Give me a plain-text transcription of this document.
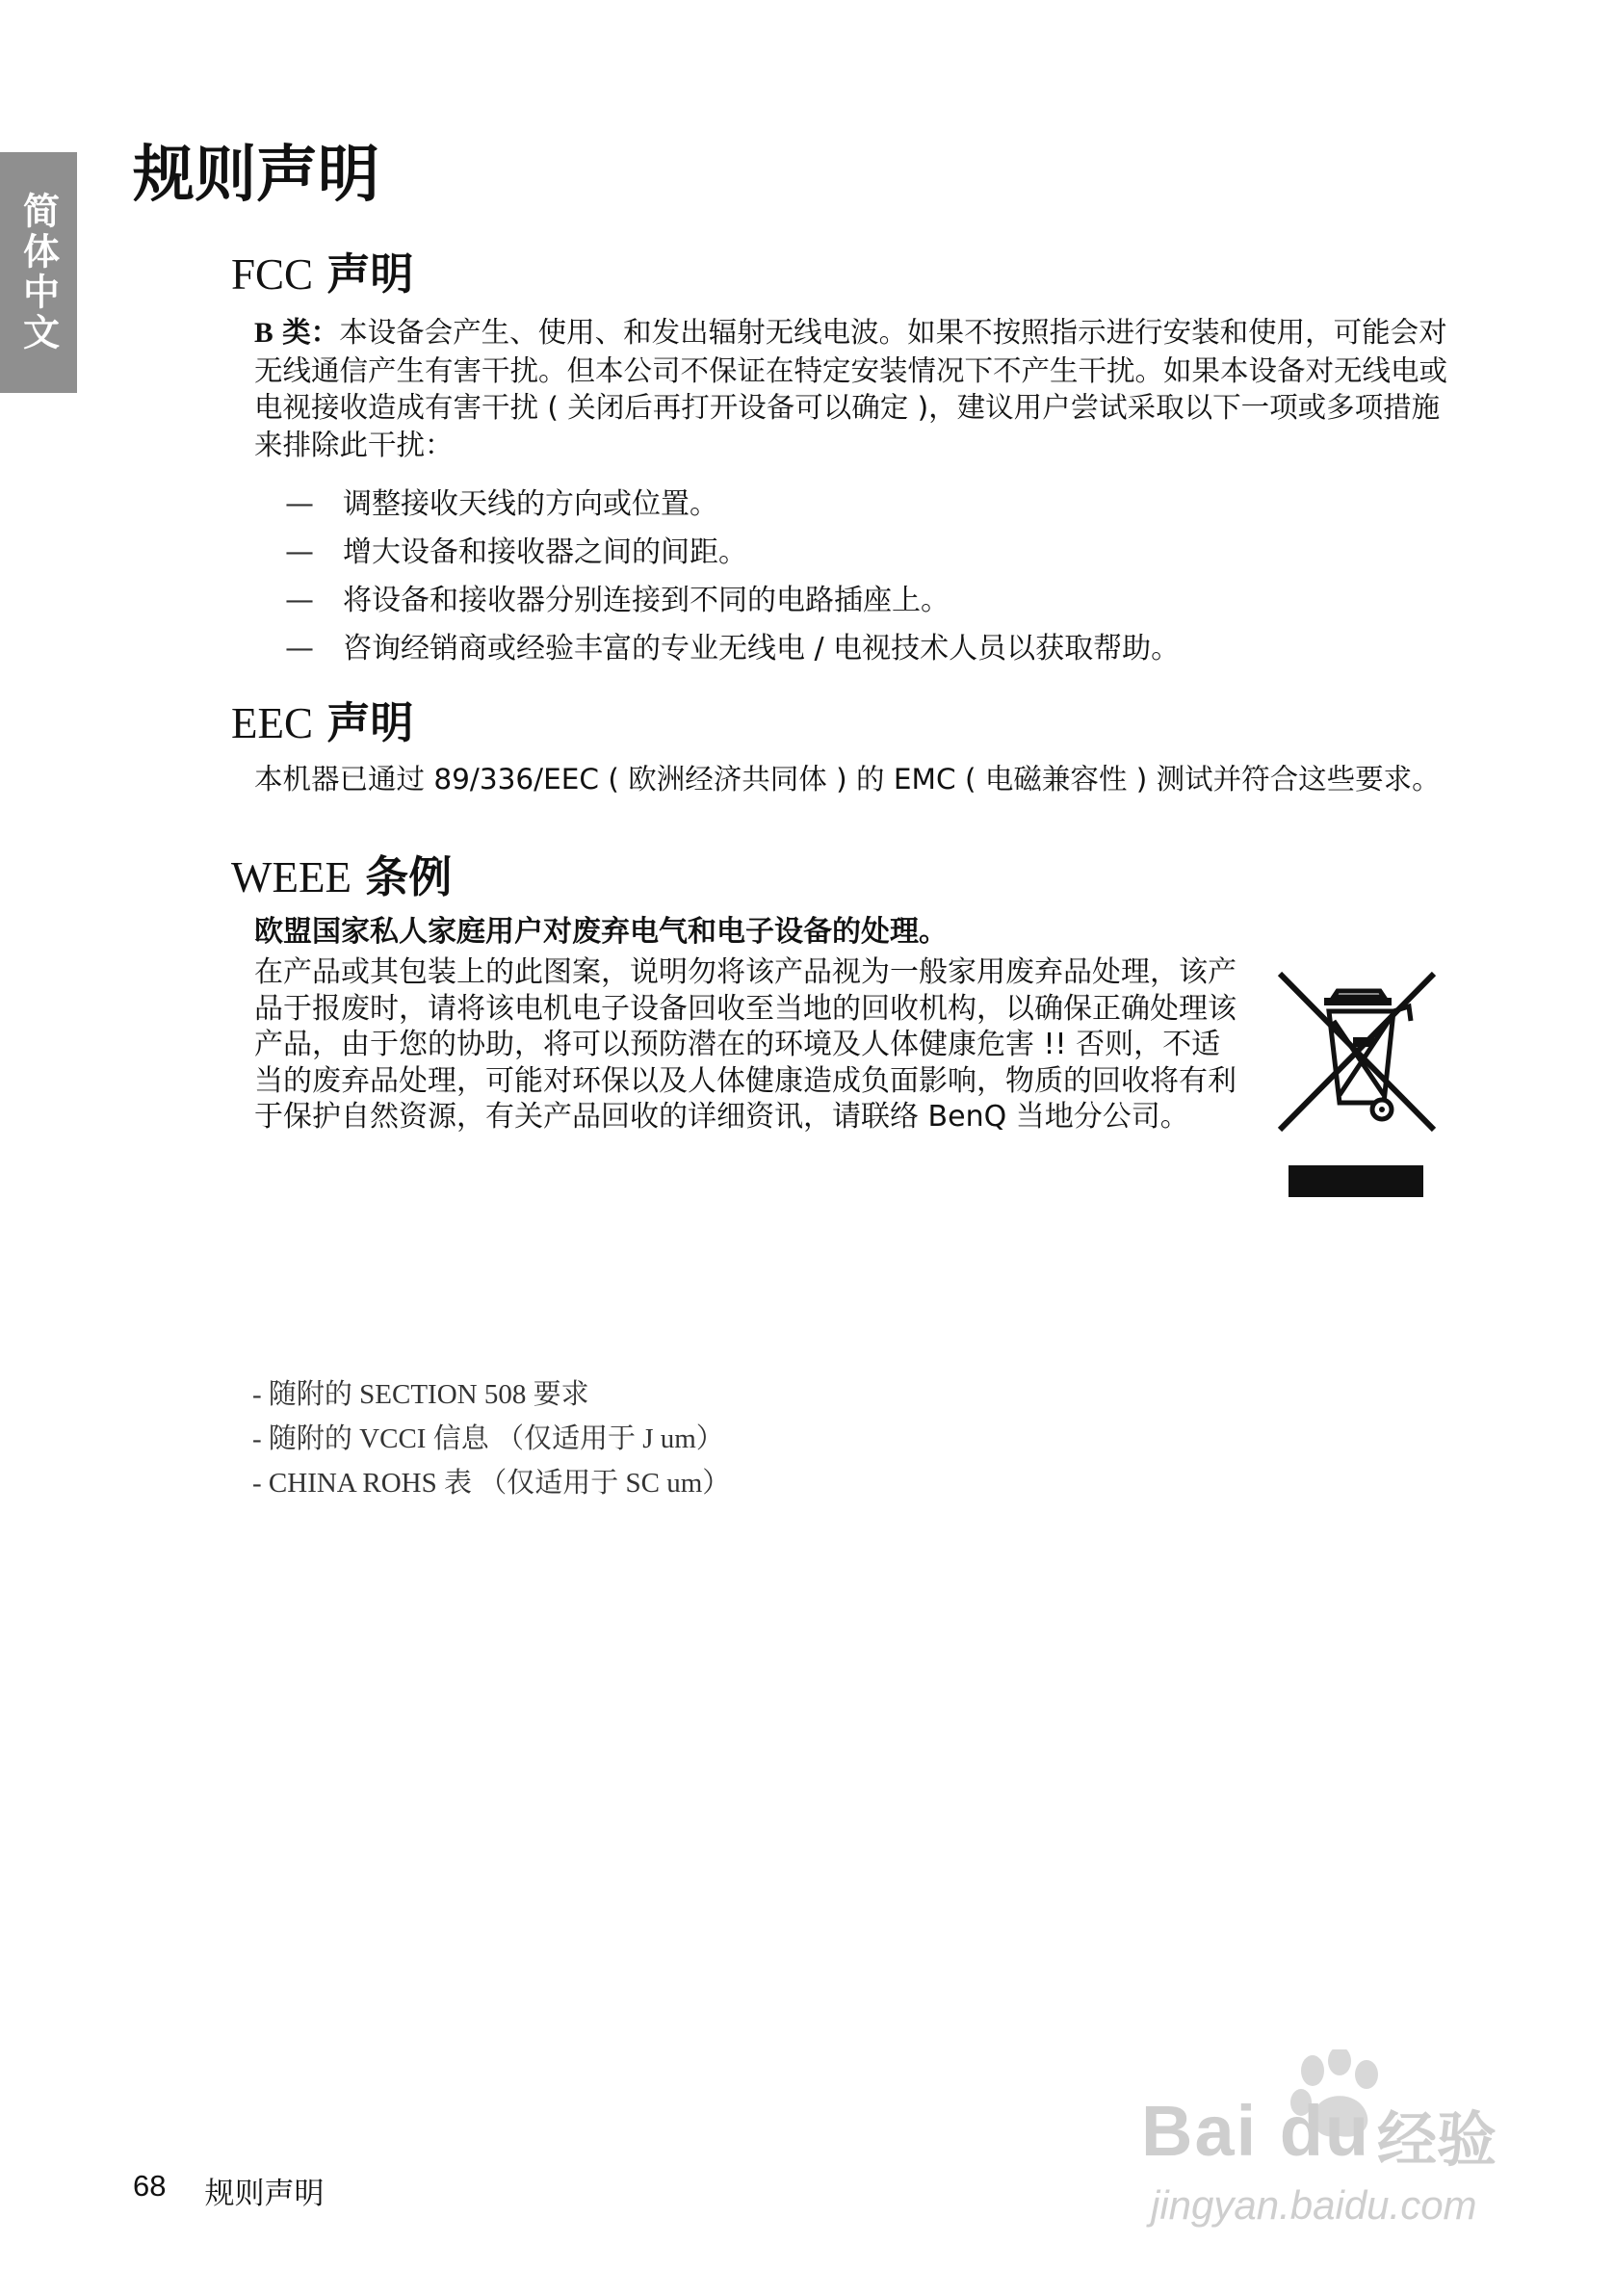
简体中文
规则声明
FCC 声明

B 类：本设备会产生、使用、和发出辐射无线电波。如果不按照指示进行安装和使用，可能会对无线通信产生有害干扰。但本公司不保证在特定安装情况下不产生干扰。如果本设备对无线电或电视接收造成有害干扰 ( 关闭后再打开设备可以确定 )，建议用户尝试采取以下一项或多项措施来排除此干扰：

—	调整接收天线的方向或位置。
—	增大设备和接收器之间的间距。
—	将设备和接收器分别连接到不同的电路插座上。
—	咨询经销商或经验丰富的专业无线电 / 电视技术人员以获取帮助。
EEC 声明

本机器已通过 89/336/EEC ( 欧洲经济共同体 ) 的 EMC ( 电磁兼容性 ) 测试并符合这些要求。

WEEE 条例

欧盟国家私人家庭用户对废弃电气和电子设备的处理。

在产品或其包装上的此图案，说明勿将该产品视为一般家用废弃品处理，该产品于报废时，请将该电机电子设备回收至当地的回收机构，以确保正确处理该产品，由于您的协助，将可以预防潜在的环境及人体健康危害 !! 否则，不适当的废弃品处理，可能对环保以及人体健康造成负面影响，物质的回收将有利于保护自然资源，有关产品回收的详细资讯，请联络 BenQ 当地分公司。

- 随附的 SECTION 508 要求
- 随附的 VCCI 信息 （仅适用于 J um）
- CHINA ROHS 表 （仅适用于 SC um）
68 规则声明
Bai du 经验
jingyan.baidu.com
